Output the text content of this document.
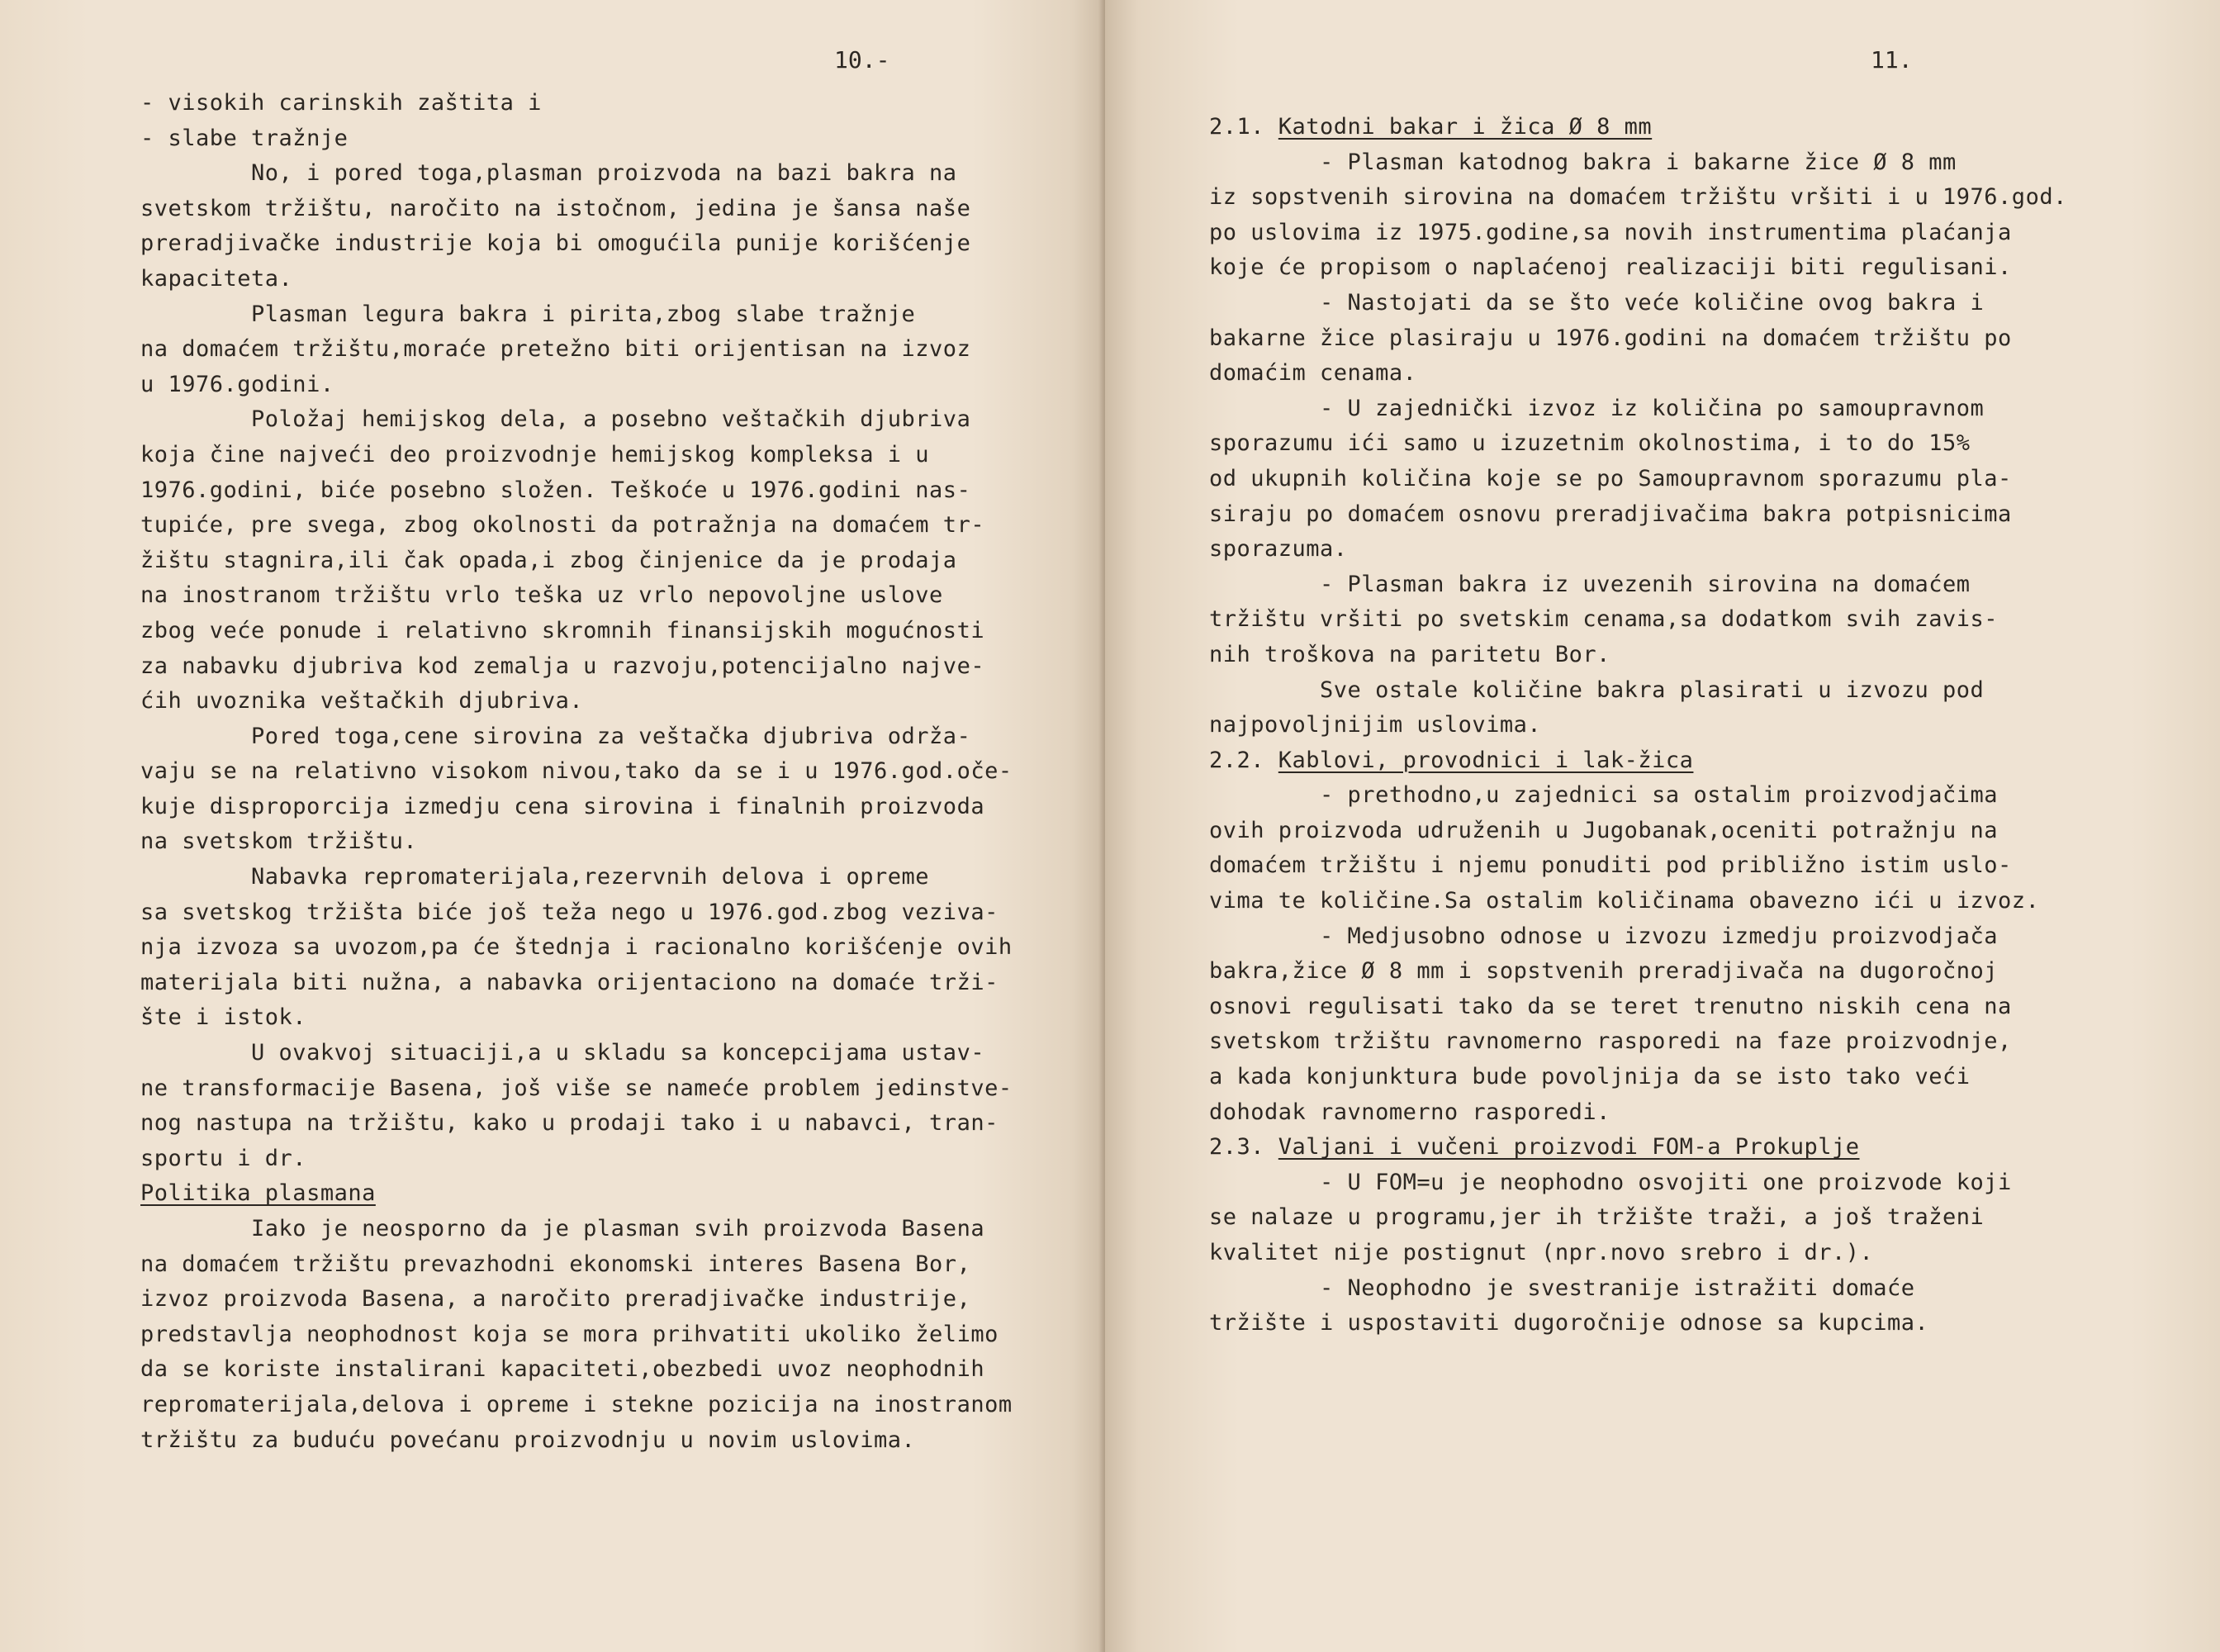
10.-
- visokih carinskih zaštita i
- slabe tražnje
No, i pored toga,plasman proizvoda na bazi bakra na
svetskom tržištu, naročito na istočnom, jedina je šansa naše
preradjivačke industrije koja bi omogućila punije korišćenje
kapaciteta.
Plasman legura bakra i pirita,zbog slabe tražnje
na domaćem tržištu,moraće pretežno biti orijentisan na izvoz
u 1976.godini.
Položaj hemijskog dela, a posebno veštačkih djubriva
koja čine najveći deo proizvodnje hemijskog kompleksa i u
1976.godini, biće posebno složen. Teškoće u 1976.godini nas-
tupiće, pre svega, zbog okolnosti da potražnja na domaćem tr-
žištu stagnira,ili čak opada,i zbog činjenice da je prodaja
na inostranom tržištu vrlo teška uz vrlo nepovoljne uslove
zbog veće ponude i relativno skromnih finansijskih mogućnosti
za nabavku djubriva kod zemalja u razvoju,potencijalno najve-
ćih uvoznika veštačkih djubriva.
Pored toga,cene sirovina za veštačka djubriva održa-
vaju se na relativno visokom nivou,tako da se i u 1976.god.oče-
kuje disproporcija izmedju cena sirovina i finalnih proizvoda
na svetskom tržištu.
Nabavka repromaterijala,rezervnih delova i opreme
sa svetskog tržišta biće još teža nego u 1976.god.zbog veziva-
nja izvoza sa uvozom,pa će štednja i racionalno korišćenje ovih
materijala biti nužna, a nabavka orijentaciono na domaće trži-
šte i istok.
U ovakvoj situaciji,a u skladu sa koncepcijama ustav-
ne transformacije Basena, još više se nameće problem jedinstve-
nog nastupa na tržištu, kako u prodaji tako i u nabavci, tran-
sportu i dr.
Politika plasmana
Iako je neosporno da je plasman svih proizvoda Basena
na domaćem tržištu prevazhodni ekonomski interes Basena Bor,
izvoz proizvoda Basena, a naročito preradjivačke industrije,
predstavlja neophodnost koja se mora prihvatiti ukoliko želimo
da se koriste instalirani kapaciteti,obezbedi uvoz neophodnih
repromaterijala,delova i opreme i stekne pozicija na inostranom
tržištu za buduću povećanu proizvodnju u novim uslovima.
11.
2.1. Katodni bakar i žica Ø 8 mm
- Plasman katodnog bakra i bakarne žice Ø 8 mm
iz sopstvenih sirovina na domaćem tržištu vršiti i u 1976.god.
po uslovima iz 1975.godine,sa novih instrumentima plaćanja
koje će propisom o naplaćenoj realizaciji biti regulisani.
- Nastojati da se što veće količine ovog bakra i
bakarne žice plasiraju u 1976.godini na domaćem tržištu po
domaćim cenama.
- U zajednički izvoz iz količina po samoupravnom
sporazumu ići samo u izuzetnim okolnostima, i to do 15%
od ukupnih količina koje se po Samoupravnom sporazumu pla-
siraju po domaćem osnovu preradjivačima bakra potpisnicima
sporazuma.
- Plasman bakra iz uvezenih sirovina na domaćem
tržištu vršiti po svetskim cenama,sa dodatkom svih zavis-
nih troškova na paritetu Bor.
Sve ostale količine bakra plasirati u izvozu pod
najpovoljnijim uslovima.
2.2. Kablovi, provodnici i lak-žica
- prethodno,u zajednici sa ostalim proizvodjačima
ovih proizvoda udruženih u Jugobanak,oceniti potražnju na
domaćem tržištu i njemu ponuditi pod približno istim uslo-
vima te količine.Sa ostalim količinama obavezno ići u izvoz.
- Medjusobno odnose u izvozu izmedju proizvodjača
bakra,žice Ø 8 mm i sopstvenih preradjivača na dugoročnoj
osnovi regulisati tako da se teret trenutno niskih cena na
svetskom tržištu ravnomerno rasporedi na faze proizvodnje,
a kada konjunktura bude povoljnija da se isto tako veći
dohodak ravnomerno rasporedi.
2.3. Valjani i vučeni proizvodi FOM-a Prokuplje
- U FOM=u je neophodno osvojiti one proizvode koji
se nalaze u programu,jer ih tržište traži, a još traženi
kvalitet nije postignut (npr.novo srebro i dr.).
- Neophodno je svestranije istražiti domaće
tržište i uspostaviti dugoročnije odnose sa kupcima.
